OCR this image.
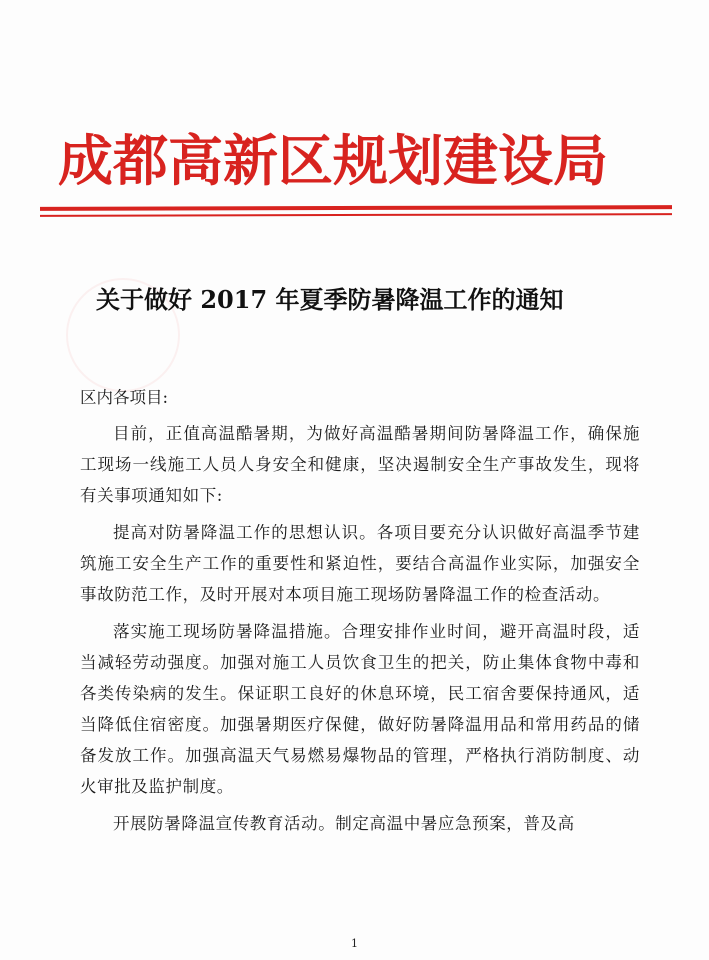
成都高新区规划建设局
关于做好 2017 年夏季防暑降温工作的通知
区内各项目:

目前，正值高温酷暑期，为做好高温酷暑期间防暑降温工作，确保施工现场一线施工人员人身安全和健康，坚决遏制安全生产事故发生，现将有关事项通知如下:

提高对防暑降温工作的思想认识。各项目要充分认识做好高温季节建筑施工安全生产工作的重要性和紧迫性，要结合高温作业实际，加强安全事故防范工作，及时开展对本项目施工现场防暑降温工作的检查活动。

落实施工现场防暑降温措施。合理安排作业时间，避开高温时段，适当减轻劳动强度。加强对施工人员饮食卫生的把关，防止集体食物中毒和各类传染病的发生。保证职工良好的休息环境，民工宿舍要保持通风，适当降低住宿密度。加强暑期医疗保健，做好防暑降温用品和常用药品的储备发放工作。加强高温天气易燃易爆物品的管理，严格执行消防制度、动火审批及监护制度。

开展防暑降温宣传教育活动。制定高温中暑应急预案，普及高

1
